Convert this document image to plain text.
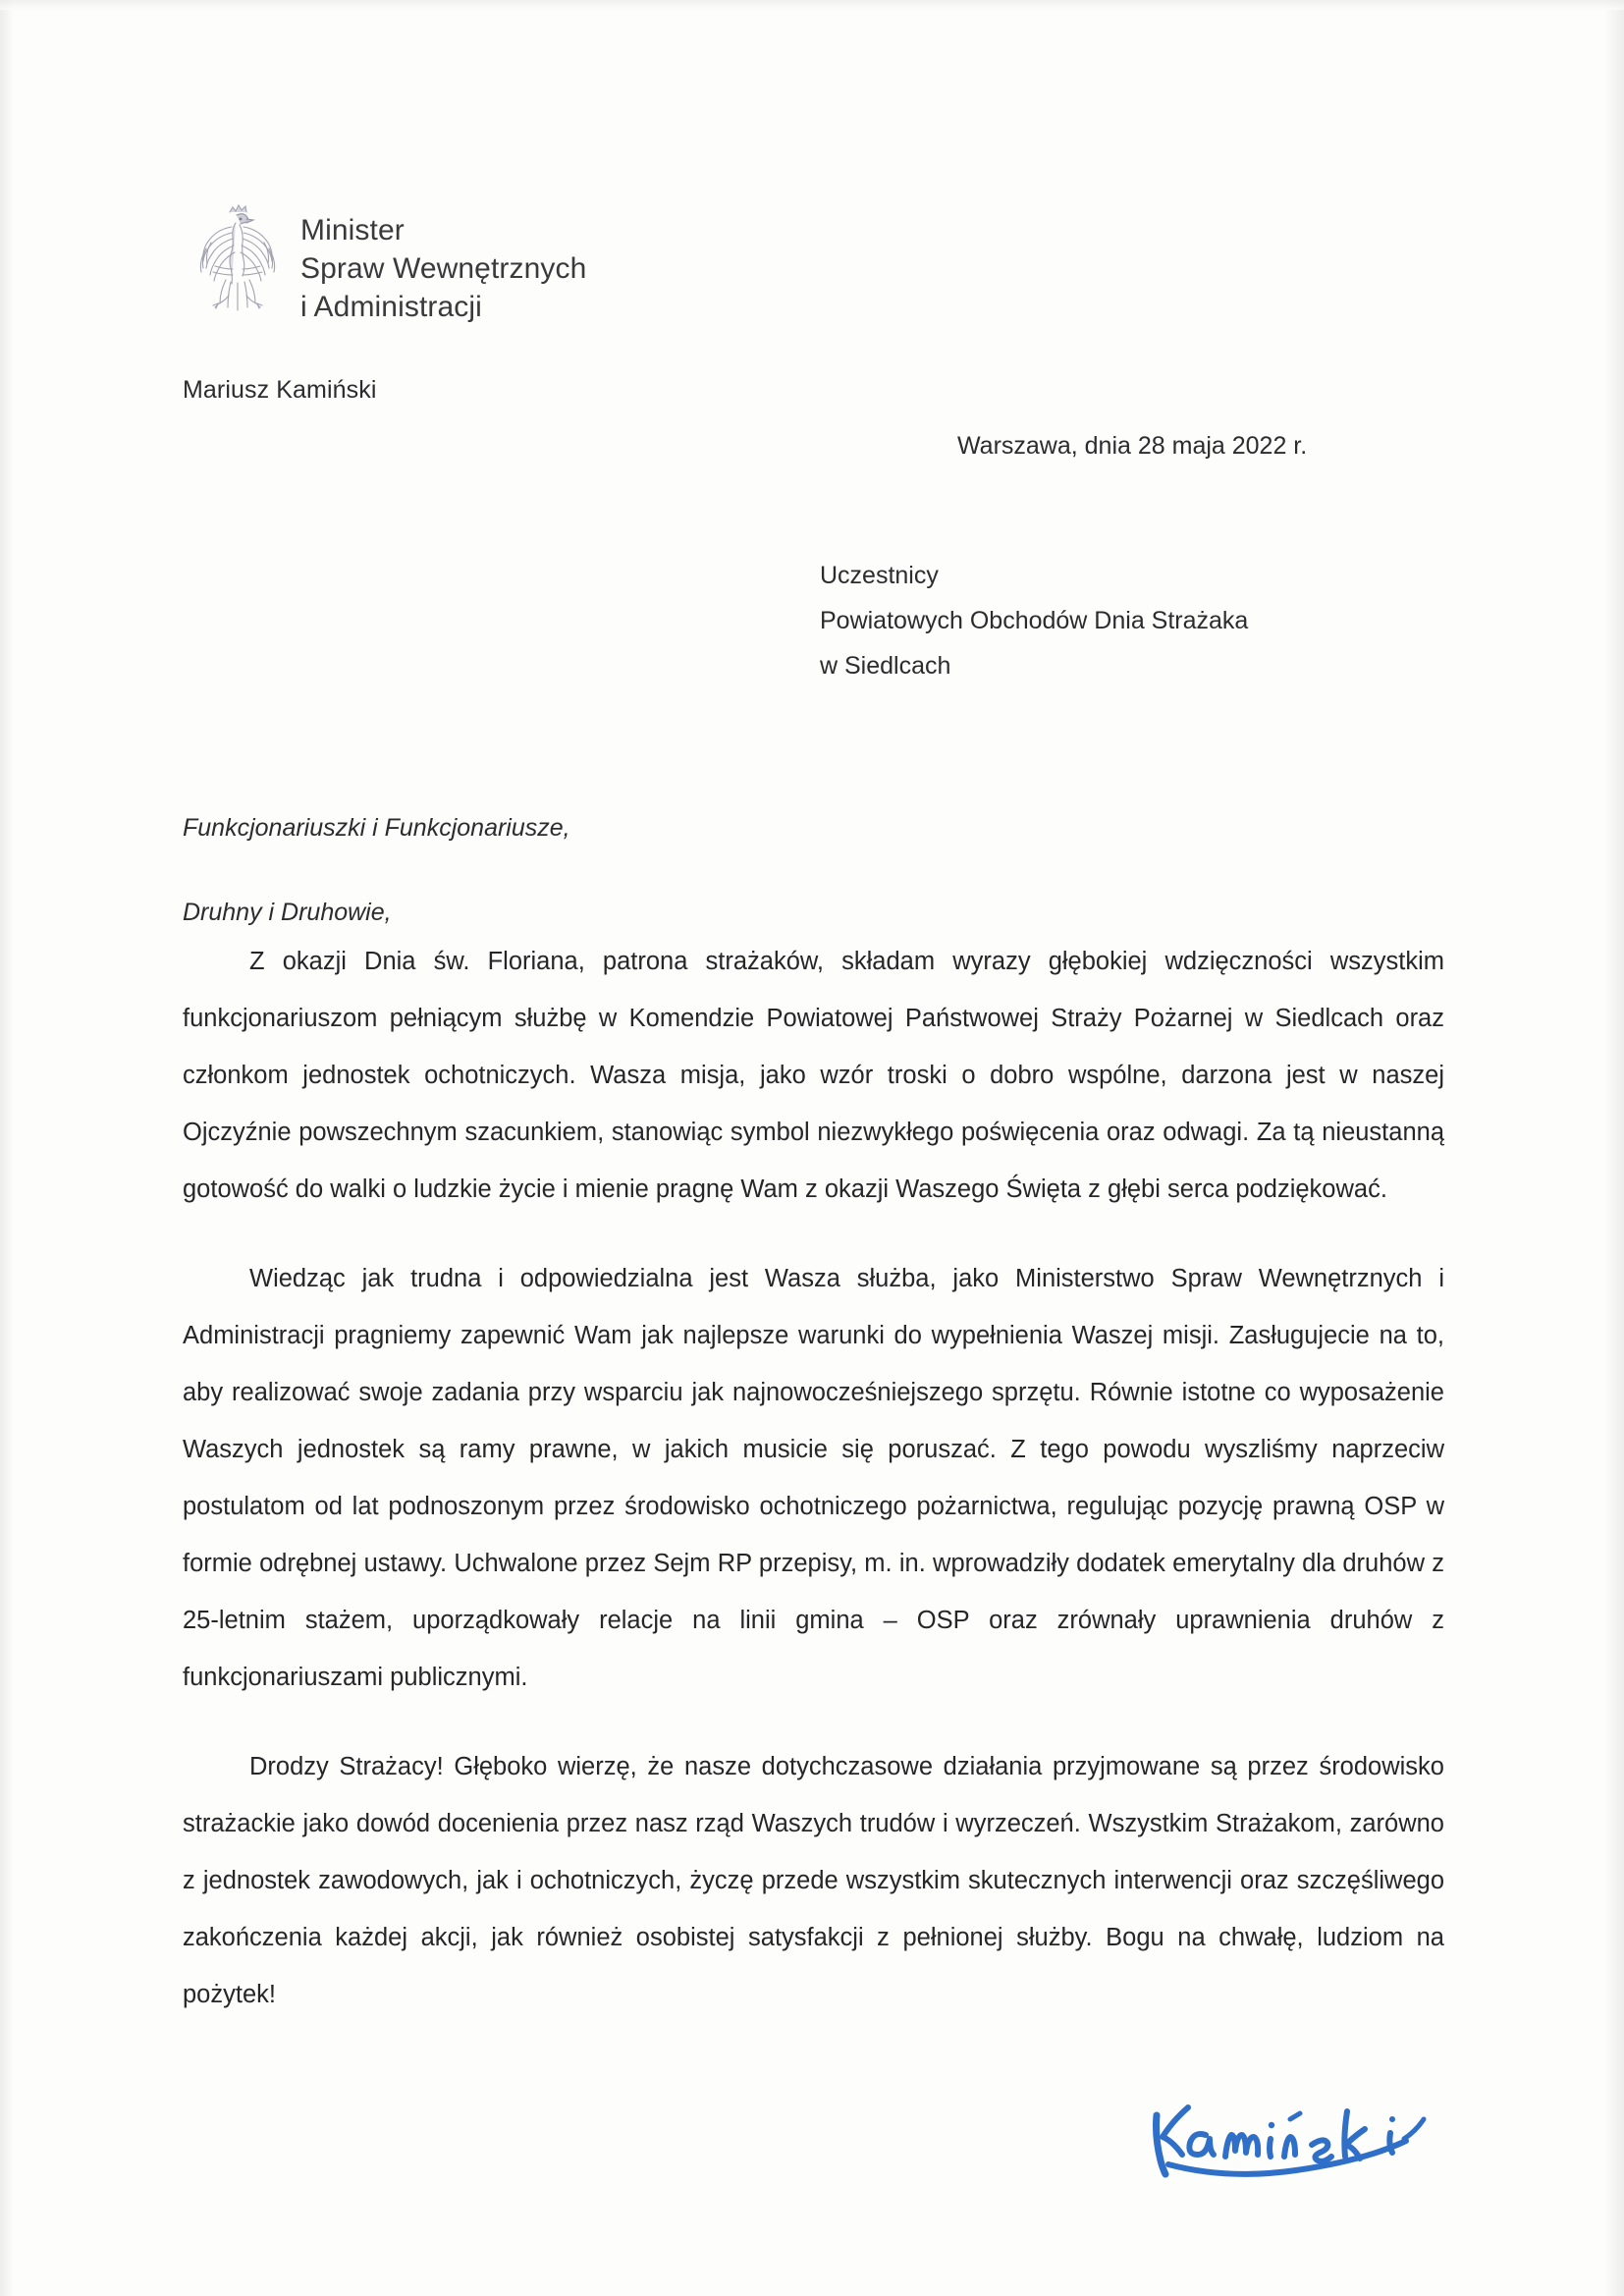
Minister
Spraw Wewnętrznych
i Administracji
Mariusz Kamiński
Warszawa, dnia 28 maja 2022 r.
Uczestnicy
Powiatowych Obchodów Dnia Strażaka
w Siedlcach
Funkcjonariuszki i Funkcjonariusze,
Druhny i Druhowie,

Z okazji Dnia św. Floriana, patrona strażaków, składam wyrazy głębokiej wdzięczności wszystkim funkcjonariuszom pełniącym służbę w Komendzie Powiatowej Państwowej Straży Pożarnej w Siedlcach oraz członkom jednostek ochotniczych. Wasza misja, jako wzór troski o dobro wspólne, darzona jest w naszej Ojczyźnie powszechnym szacunkiem, stanowiąc symbol niezwykłego poświęcenia oraz odwagi. Za tą nieustanną gotowość do walki o ludzkie życie i mienie pragnę Wam z okazji Waszego Święta z głębi serca podziękować.

Wiedząc jak trudna i odpowiedzialna jest Wasza służba, jako Ministerstwo Spraw Wewnętrznych i Administracji pragniemy zapewnić Wam jak najlepsze warunki do wypełnienia Waszej misji. Zasługujecie na to, aby realizować swoje zadania przy wsparciu jak najnowocześniejszego sprzętu. Równie istotne co wyposażenie Waszych jednostek są ramy prawne, w jakich musicie się poruszać. Z tego powodu wyszliśmy naprzeciw postulatom od lat podnoszonym przez środowisko ochotniczego pożarnictwa, regulując pozycję prawną OSP w formie odrębnej ustawy. Uchwalone przez Sejm RP przepisy, m. in. wprowadziły dodatek emerytalny dla druhów z 25-letnim stażem, uporządkowały relacje na linii gmina – OSP oraz zrównały uprawnienia druhów z funkcjonariuszami publicznymi.

Drodzy Strażacy! Głęboko wierzę, że nasze dotychczasowe działania przyjmowane są przez środowisko strażackie jako dowód docenienia przez nasz rząd Waszych trudów i wyrzeczeń. Wszystkim Strażakom, zarówno z jednostek zawodowych, jak i ochotniczych, życzę przede wszystkim skutecznych interwencji oraz szczęśliwego zakończenia każdej akcji, jak również osobistej satysfakcji z pełnionej służby. Bogu na chwałę, ludziom na pożytek!
